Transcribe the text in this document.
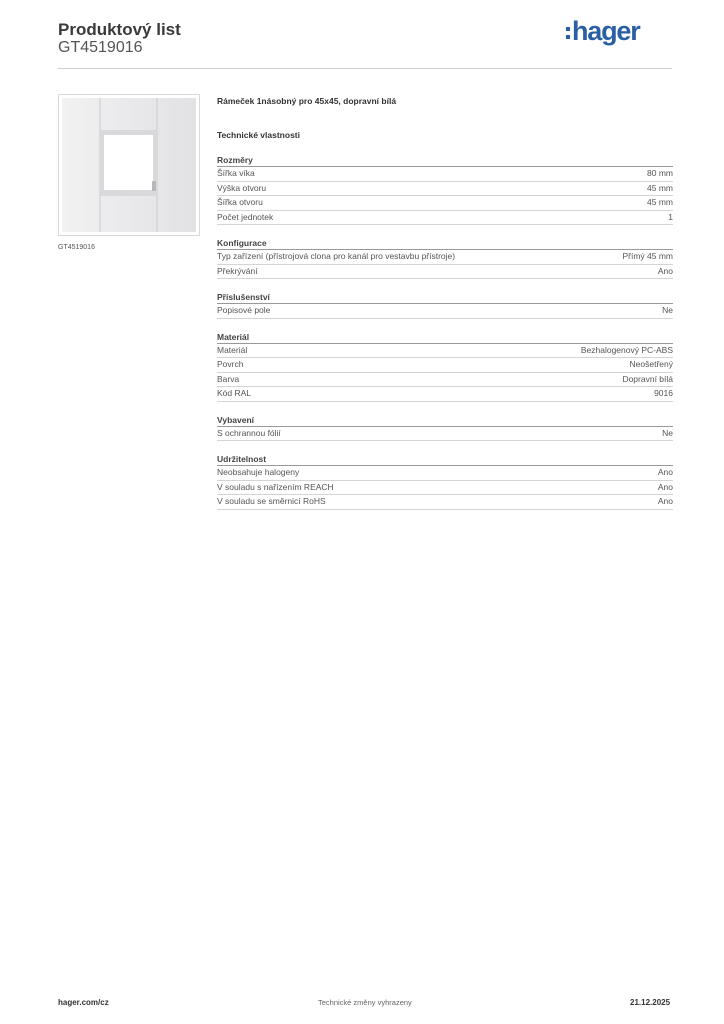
Produktový list
GT4519016
hager
GT4519016
Rámeček 1násobný pro 45x45, dopravní bílá
Technické vlastnosti
Rozměry
Šířka víka	80 mm
Výška otvoru	45 mm
Šířka otvoru	45 mm
Počet jednotek	1
Konfigurace
Typ zařízení (přístrojová clona pro kanál pro vestavbu přístroje)	Přímý 45 mm
Překrývání	Ano
Příslušenství
Popisové pole	Ne
Materiál
Materiál	Bezhalogenový PC-ABS
Povrch	Neošetřený
Barva	Dopravní bílá
Kód RAL	9016
Vybavení
S ochrannou fólií	Ne
Udržitelnost
Neobsahuje halogeny	Ano
V souladu s nařízením REACH	Ano
V souladu se směrnicí RoHS	Ano
hager.com/cz	Technické změny vyhrazeny	21.12.2025
